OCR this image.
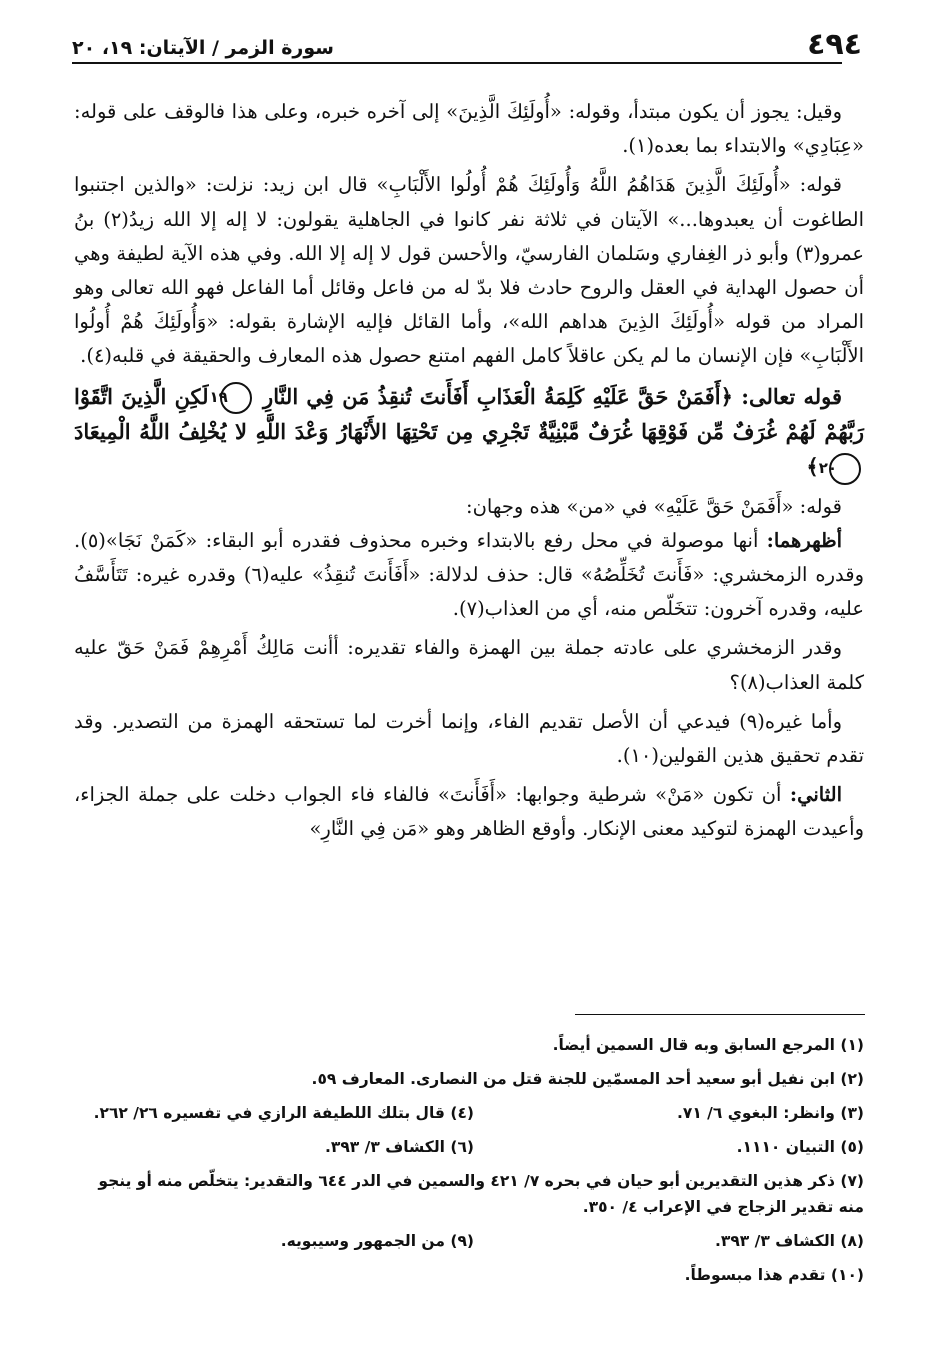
٤٩٤
سورة الزمر / الآيتان: ١٩، ٢٠

وقيل: يجوز أن يكون مبتدأ، وقوله: «أُولَئِكَ الَّذِينَ» إلى آخره خبره، وعلى هذا فالوقف على قوله: «عِبَادِي» والابتداء بما بعده(١).

قوله: «أُولَئِكَ الَّذِينَ هَدَاهُمُ اللَّهُ وَأُولَئِكَ هُمْ أُولُوا الأَلْبَابِ» قال ابن زيد: نزلت: «والذين اجتنبوا الطاغوت أن يعبدوها...» الآيتان في ثلاثة نفر كانوا في الجاهلية يقولون: لا إله إلا الله زيدُ(٢) بنُ عمرو(٣) وأبو ذر الغِفاري وسَلمان الفارسيّ، والأحسن قول لا إله إلا الله. وفي هذه الآية لطيفة وهي أن حصول الهداية في العقل والروح حادث فلا بدّ له من فاعل وقائل أما الفاعل فهو الله تعالى وهو المراد من قوله «أُولَئِكَ الذِينَ هداهم الله»، وأما القائل فإليه الإشارة بقوله: «وَأُولَئِكَ هُمْ أُولُوا الأَلْبَابِ» فإن الإنسان ما لم يكن عاقلاً كامل الفهم امتنع حصول هذه المعارف والحقيقة في قلبه(٤).

قوله تعالى: ﴿أَفَمَنْ حَقَّ عَلَيْهِ كَلِمَةُ الْعَذَابِ أَفَأَنتَ تُنقِذُ مَن فِي النَّارِ ١٩ لَكِنِ الَّذِينَ اتَّقَوْا رَبَّهُمْ لَهُمْ غُرَفٌ مِّن فَوْقِهَا غُرَفٌ مَّبْنِيَّةٌ تَجْرِي مِن تَحْتِهَا الأَنْهَارُ وَعْدَ اللَّهِ لا يُخْلِفُ اللَّهُ الْمِيعَادَ ٢٠ ﴾

قوله: «أَفَمَنْ حَقَّ عَلَيْهِ» في «من» هذه وجهان:

أظهرهما: أنها موصولة في محل رفع بالابتداء وخبره محذوف فقدره أبو البقاء: «كَمَنْ نَجَا»(٥). وقدره الزمخشري: «فَأَنتَ تُخَلِّصُهُ» قال: حذف لدلالة: «أَفَأَنتَ تُنقِذُ» عليه(٦) وقدره غيره: تَتَأَسَّفُ عليه، وقدره آخرون: تتخَلّص منه، أي من العذاب(٧).

وقدر الزمخشري على عادته جملة بين الهمزة والفاء تقديره: أأنت مَالِكُ أَمْرِهِمْ فَمَنْ حَقّ عليه كلمة العذاب(٨)؟

وأما غيره(٩) فيدعي أن الأصل تقديم الفاء، وإنما أخرت لما تستحقه الهمزة من التصدير. وقد تقدم تحقيق هذين القولين(١٠).

الثاني: أن تكون «مَنْ» شرطية وجوابها: «أَفَأَنتَ» فالفاء فاء الجواب دخلت على جملة الجزاء، وأعيدت الهمزة لتوكيد معنى الإنكار. وأوقع الظاهر وهو «مَن فِي النَّارِ»

(١) المرجع السابق وبه قال السمين أيضاً.
(٢) ابن نفيل أبو سعيد أحد المسمّين للجنة قتل من النصارى. المعارف ٥٩.
(٣) وانظر: البغوي ٦/ ٧١.
(٤) قال بتلك اللطيفة الرازي في تفسيره ٢٦/ ٢٦٢.
(٥) التبيان ١١١٠.
(٦) الكشاف ٣/ ٣٩٣.
(٧) ذكر هذين التقديرين أبو حيان في بحره ٧/ ٤٢١ والسمين في الدر ٦٤٤ والتقدير: يتخلّص منه أو ينجو منه تقدير الزجاج في الإعراب ٤/ ٣٥٠.
(٨) الكشاف ٣/ ٣٩٣.
(٩) من الجمهور وسيبويه.
(١٠) تقدم هذا مبسوطاً.
